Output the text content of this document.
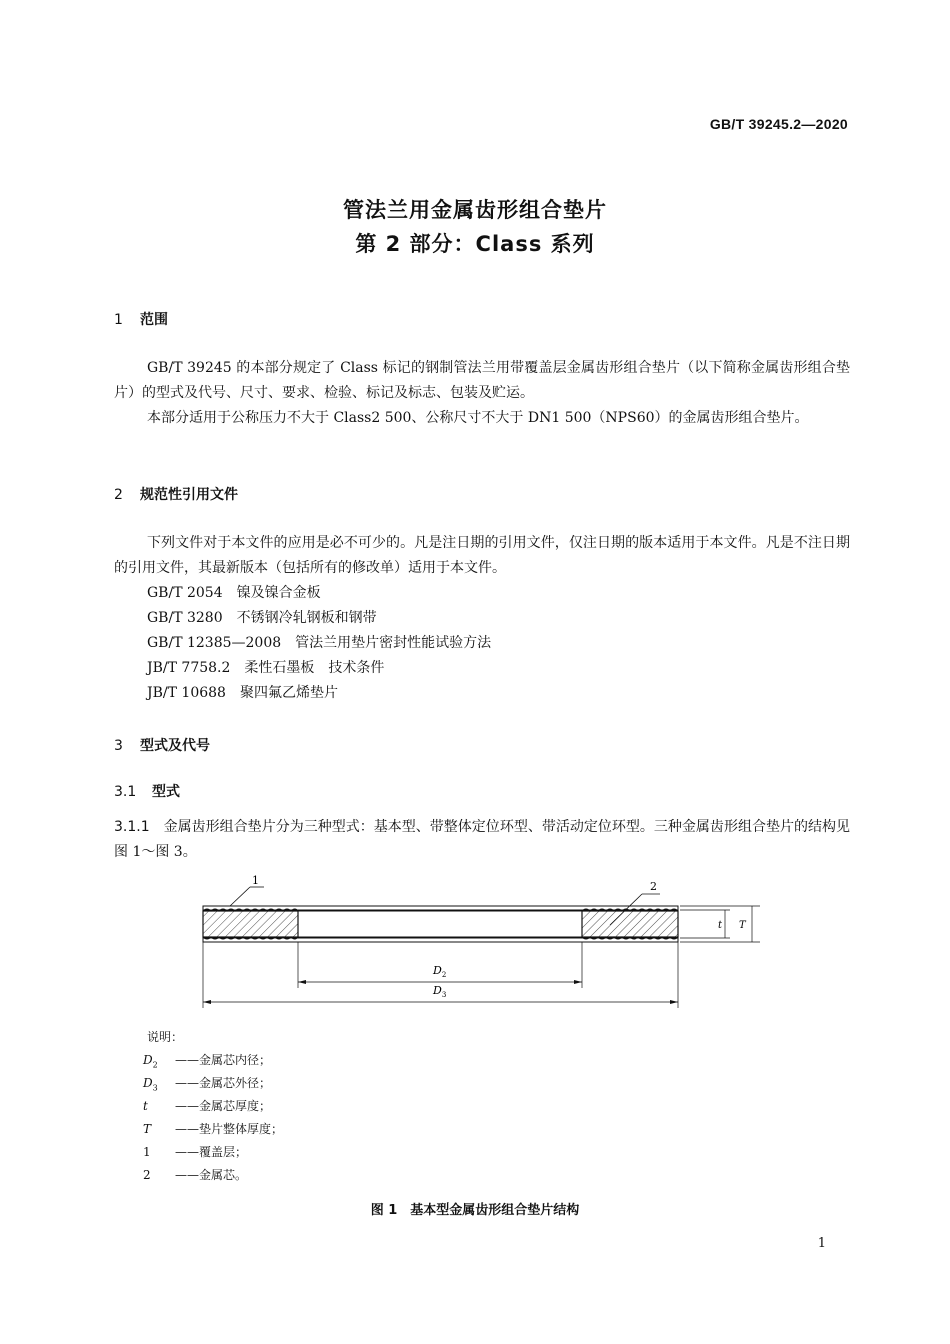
GB/T 39245.2—2020
管法兰用金属齿形组合垫片
第 2 部分：Class 系列
1 范围
GB/T 39245 的本部分规定了 Class 标记的钢制管法兰用带覆盖层金属齿形组合垫片（以下简称金属齿形组合垫片）的型式及代号、尺寸、要求、检验、标记及标志、包装及贮运。
本部分适用于公称压力不大于 Class2 500、公称尺寸不大于 DN1 500（NPS60）的金属齿形组合垫片。
2 规范性引用文件
下列文件对于本文件的应用是必不可少的。凡是注日期的引用文件，仅注日期的版本适用于本文件。凡是不注日期的引用文件，其最新版本（包括所有的修改单）适用于本文件。
GB/T 2054　 镍及镍合金板
GB/T 3280　 不锈钢冷轧钢板和钢带
GB/T 12385—2008　 管法兰用垫片密封性能试验方法
JB/T 7758.2　 柔性石墨板　技术条件
JB/T 10688　 聚四氟乙烯垫片
3 型式及代号
3.1 型式
3.1.1　 金属齿形组合垫片分为三种型式：基本型、带整体定位环型、带活动定位环型。三种金属齿形组合垫片的结构见图 1～图 3。
1	2
t T
$D_2$
$D_3$
说明：
$D_2$ ——金属芯内径；
$D_3$ ——金属芯外径；
t ——金属芯厚度；
T ——垫片整体厚度；
1 ——覆盖层；
2 ——金属芯。
图 1　基本型金属齿形组合垫片结构
1
